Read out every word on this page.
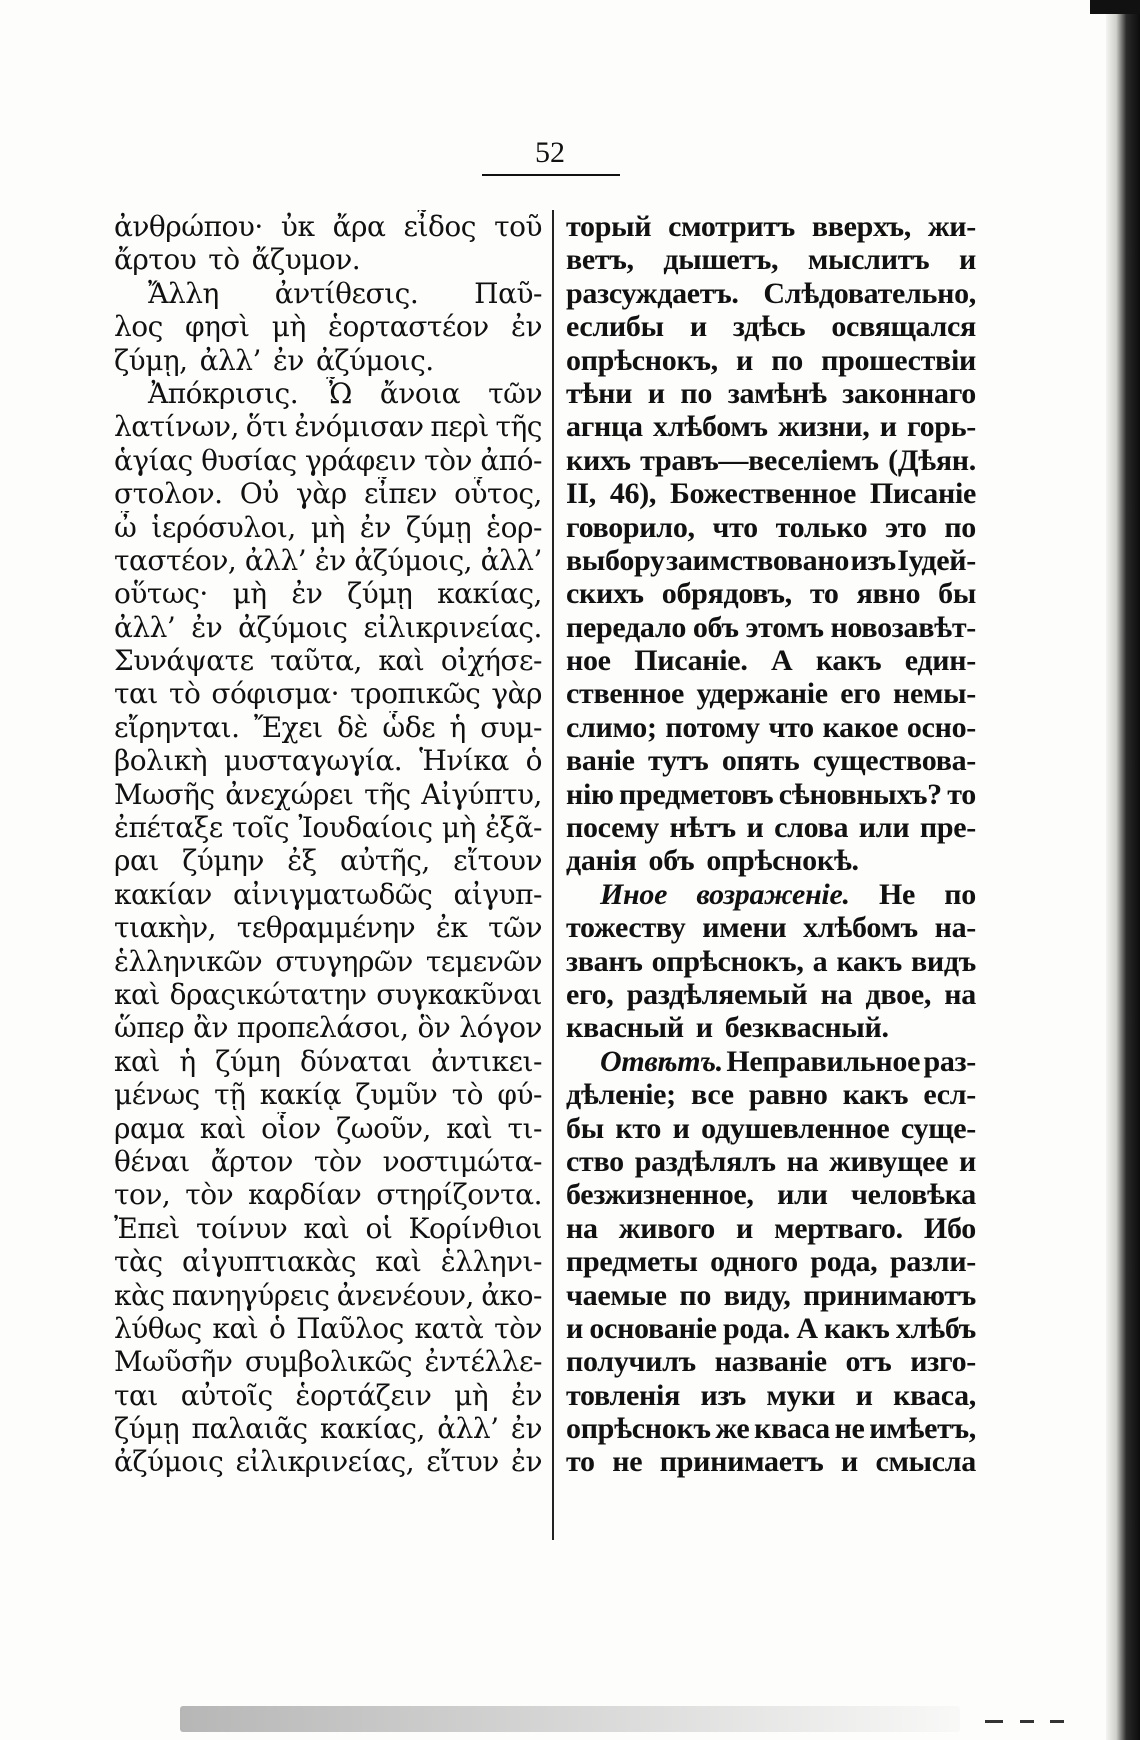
52
ἀνθρώπου· ὐκ ἄρα εἶδος τοῦ
ἄρτου τὸ ἄζυμον.
Ἄλλη ἀντίθεσις. Παῦ-
λος φησὶ μὴ ἑορταστέον ἐν
ζύμῃ, ἀλλ’ ἐν ἀζύμοις.
Ἀπόκρισις. Ὦ ἄνοια τῶν
λατίνων, ὅτι ἐνόμισαν περὶ τῆς
ἁγίας θυσίας γράφειν τὸν ἀπό-
στολον. Οὐ γὰρ εἶπεν οὗτος,
ὦ ἱερόσυλοι, μὴ ἐν ζύμῃ ἑορ-
ταστέον, ἀλλ’ ἐν ἀζύμοις, ἀλλ’
οὕτως· μὴ ἐν ζύμῃ κακίας,
ἀλλ’ ἐν ἀζύμοις εἰλικρινείας.
Συνάψατε ταῦτα, καὶ οἰχήσε-
ται τὸ σόφισμα· τροπικῶς γὰρ
εἴρηνται. Ἔχει δὲ ὧδε ἡ συμ-
βολικὴ μυσταγωγία. Ἡνίκα ὁ
Μωσῆς ἀνεχώρει τῆς Αἰγύπτυ,
ἐπέταξε τοῖς Ἰουδαίοις μὴ ἐξᾶ-
ραι ζύμην ἐξ αὐτῆς, εἴτουν
κακίαν αἰνιγματωδῶς αἰγυπ-
τιακὴν, τεθραμμένην ἐκ τῶν
ἑλληνικῶν στυγηρῶν τεμενῶν
καὶ δραςικώτατην συγκακῦναι
ὥπερ ἂν προπελάσοι, ὃν λόγον
καὶ ἡ ζύμη δύναται ἀντικει-
μένως τῇ κακίᾳ ζυμῦν τὸ φύ-
ραμα καὶ οἷον ζωοῦν, καὶ τι-
θέναι ἄρτον τὸν νοστιμώτα-
τον, τὸν καρδίαν στηρίζοντα.
Ἐπεὶ τοίνυν καὶ οἱ Κορίνθιοι
τὰς αἰγυπτιακὰς καὶ ἑλληνι-
κὰς πανηγύρεις ἀνενέουν, ἀκο-
λύθως καὶ ὁ Παῦλος κατὰ τὸν
Μωῦσῆν συμβολικῶς ἐντέλλε-
ται αὐτοῖς ἑορτάζειν μὴ ἐν
ζύμῃ παλαιᾶς κακίας, ἀλλ’ ἐν
ἀζύμοις εἰλικρινείας, εἴτυν ἐν
торый смотритъ вверхъ, жи-
ветъ, дышетъ, мыслитъ и
разсуждаетъ. Слѣдовательно,
еслибы и здѣсь освящался
опрѣснокъ, и по прошествіи
тѣни и по замѣнѣ законнаго
агнца хлѣбомъ жизни, и горь-
кихъ травъ—веселіемъ (Дѣян.
II, 46), Божественное Писаніе
говорило, что только это по
выбору заимствовано изъ Іудей-
скихъ обрядовъ, то явно бы
передало объ этомъ новозавѣт-
ное Писаніе. А какъ един-
ственное удержаніе его немы-
слимо; потому что какое осно-
ваніе тутъ опять существова-
нію предметовъ сѣновныхъ? то
посему нѣтъ и слова или пре-
данія объ опрѣснокѣ.
Иное возраженіе. Не по
тожеству имени хлѣбомъ на-
званъ опрѣснокъ, а какъ видъ
его, раздѣляемый на двое, на
квасный и безквасный.
Отвѣтъ. Неправильное раз-
дѣленіе; все равно какъ есл-
бы кто и одушевленное суще-
ство раздѣлялъ на живущее и
безжизненное, или человѣка
на живого и мертваго. Ибо
предметы одного рода, разли-
чаемые по виду, принимаютъ
и основаніе рода. А какъ хлѣбъ
получилъ названіе отъ изго-
товленія изъ муки и кваса,
опрѣснокъ же кваса не имѣетъ,
то не принимаетъ и смысла
